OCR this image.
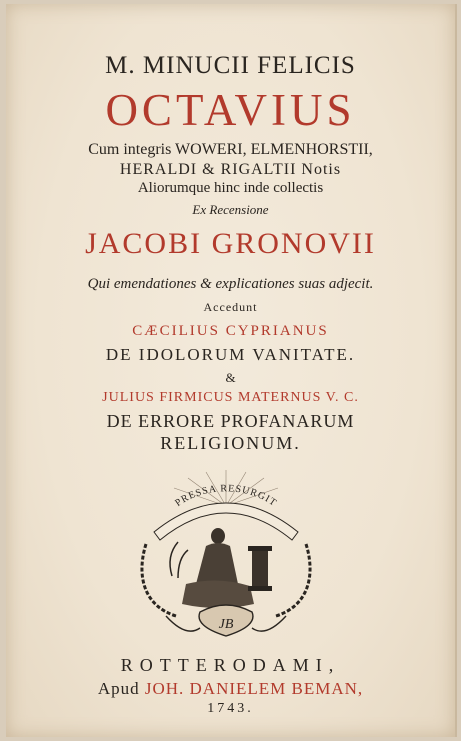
M. MINUCII FELICIS
OCTAVIUS
Cum integris WOWERI, ELMENHORSTII,
HERALDI & RIGALTII Notis
Aliorumque hinc inde collectis
Ex Recensione
JACOBI GRONOVII
Qui emendationes & explicationes suas adjecit.
Accedunt
CÆCILIUS CYPRIANUS
DE IDOLORUM VANITATE.
&
JULIUS FIRMICUS MATERNUS V. C.
DE ERRORE PROFANARUM
RELIGIONUM.
PRESSA RESURGIT
JB
ROTTERODAMI,
Apud JOH. DANIELEM BEMAN,
1743.
